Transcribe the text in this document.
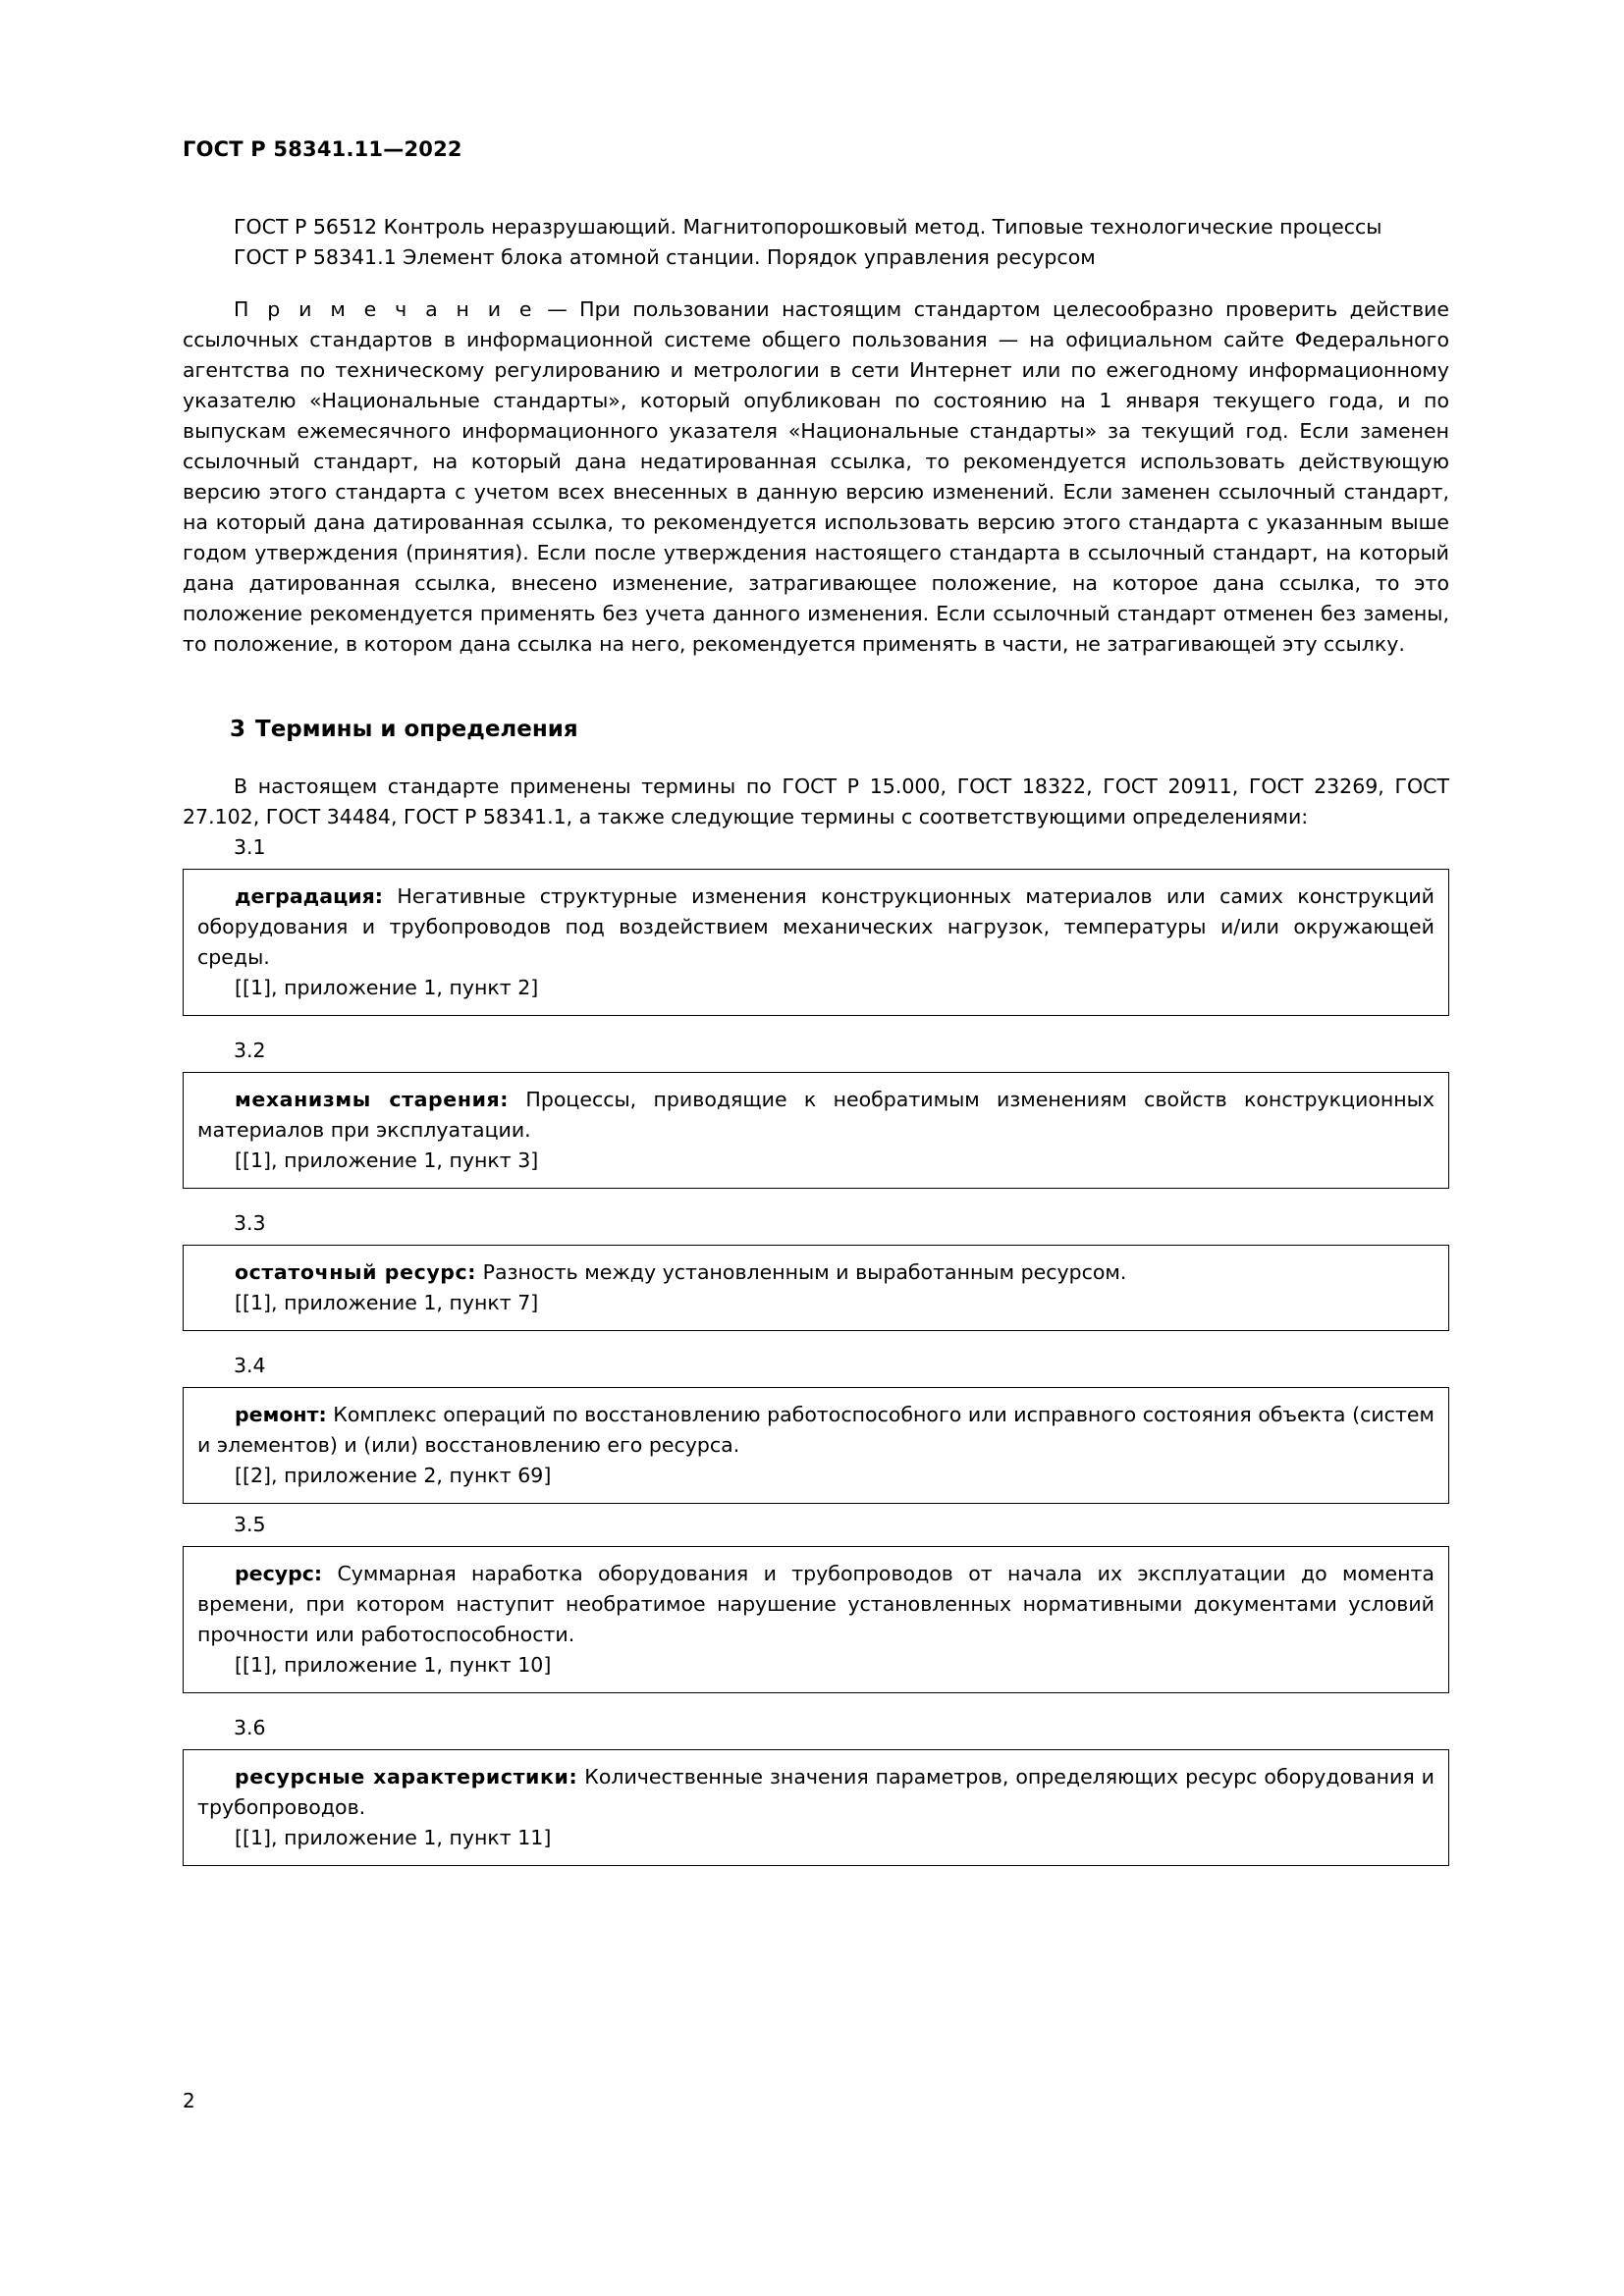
ГОСТ Р 58341.11—2022

ГОСТ Р 56512 Контроль неразрушающий. Магнитопорошковый метод. Типовые технологические процессы

ГОСТ Р 58341.1 Элемент блока атомной станции. Порядок управления ресурсом

П р и м е ч а н и е — При пользовании настоящим стандартом целесообразно проверить действие ссылочных стандартов в информационной системе общего пользования — на официальном сайте Федерального агентства по техническому регулированию и метрологии в сети Интернет или по ежегодному информационному указателю «Национальные стандарты», который опубликован по состоянию на 1 января текущего года, и по выпускам ежемесячного информационного указателя «Национальные стандарты» за текущий год. Если заменен ссылочный стандарт, на который дана недатированная ссылка, то рекомендуется использовать действующую версию этого стандарта с учетом всех внесенных в данную версию изменений. Если заменен ссылочный стандарт, на который дана датированная ссылка, то рекомендуется использовать версию этого стандарта с указанным выше годом утверждения (принятия). Если после утверждения настоящего стандарта в ссылочный стандарт, на который дана датированная ссылка, внесено изменение, затрагивающее положение, на которое дана ссылка, то это положение рекомендуется применять без учета данного изменения. Если ссылочный стандарт отменен без замены, то положение, в котором дана ссылка на него, рекомендуется применять в части, не затрагивающей эту ссылку.

3 Термины и определения

В настоящем стандарте применены термины по ГОСТ Р 15.000, ГОСТ 18322, ГОСТ 20911, ГОСТ 23269, ГОСТ 27.102, ГОСТ 34484, ГОСТ Р 58341.1, а также следующие термины с соответствующими определениями:

3.1

деградация: Негативные структурные изменения конструкционных материалов или самих конструкций оборудования и трубопроводов под воздействием механических нагрузок, температуры и/или окружающей среды.

[[1], приложение 1, пункт 2]

3.2

механизмы старения: Процессы, приводящие к необратимым изменениям свойств конструкционных материалов при эксплуатации.

[[1], приложение 1, пункт 3]

3.3

остаточный ресурс: Разность между установленным и выработанным ресурсом.

[[1], приложение 1, пункт 7]

3.4

ремонт: Комплекс операций по восстановлению работоспособного или исправного состояния объекта (систем и элементов) и (или) восстановлению его ресурса.

[[2], приложение 2, пункт 69]

3.5

ресурс: Суммарная наработка оборудования и трубопроводов от начала их эксплуатации до момента времени, при котором наступит необратимое нарушение установленных нормативными документами условий прочности или работоспособности.

[[1], приложение 1, пункт 10]

3.6

ресурсные характеристики: Количественные значения параметров, определяющих ресурс оборудования и трубопроводов.

[[1], приложение 1, пункт 11]

2
